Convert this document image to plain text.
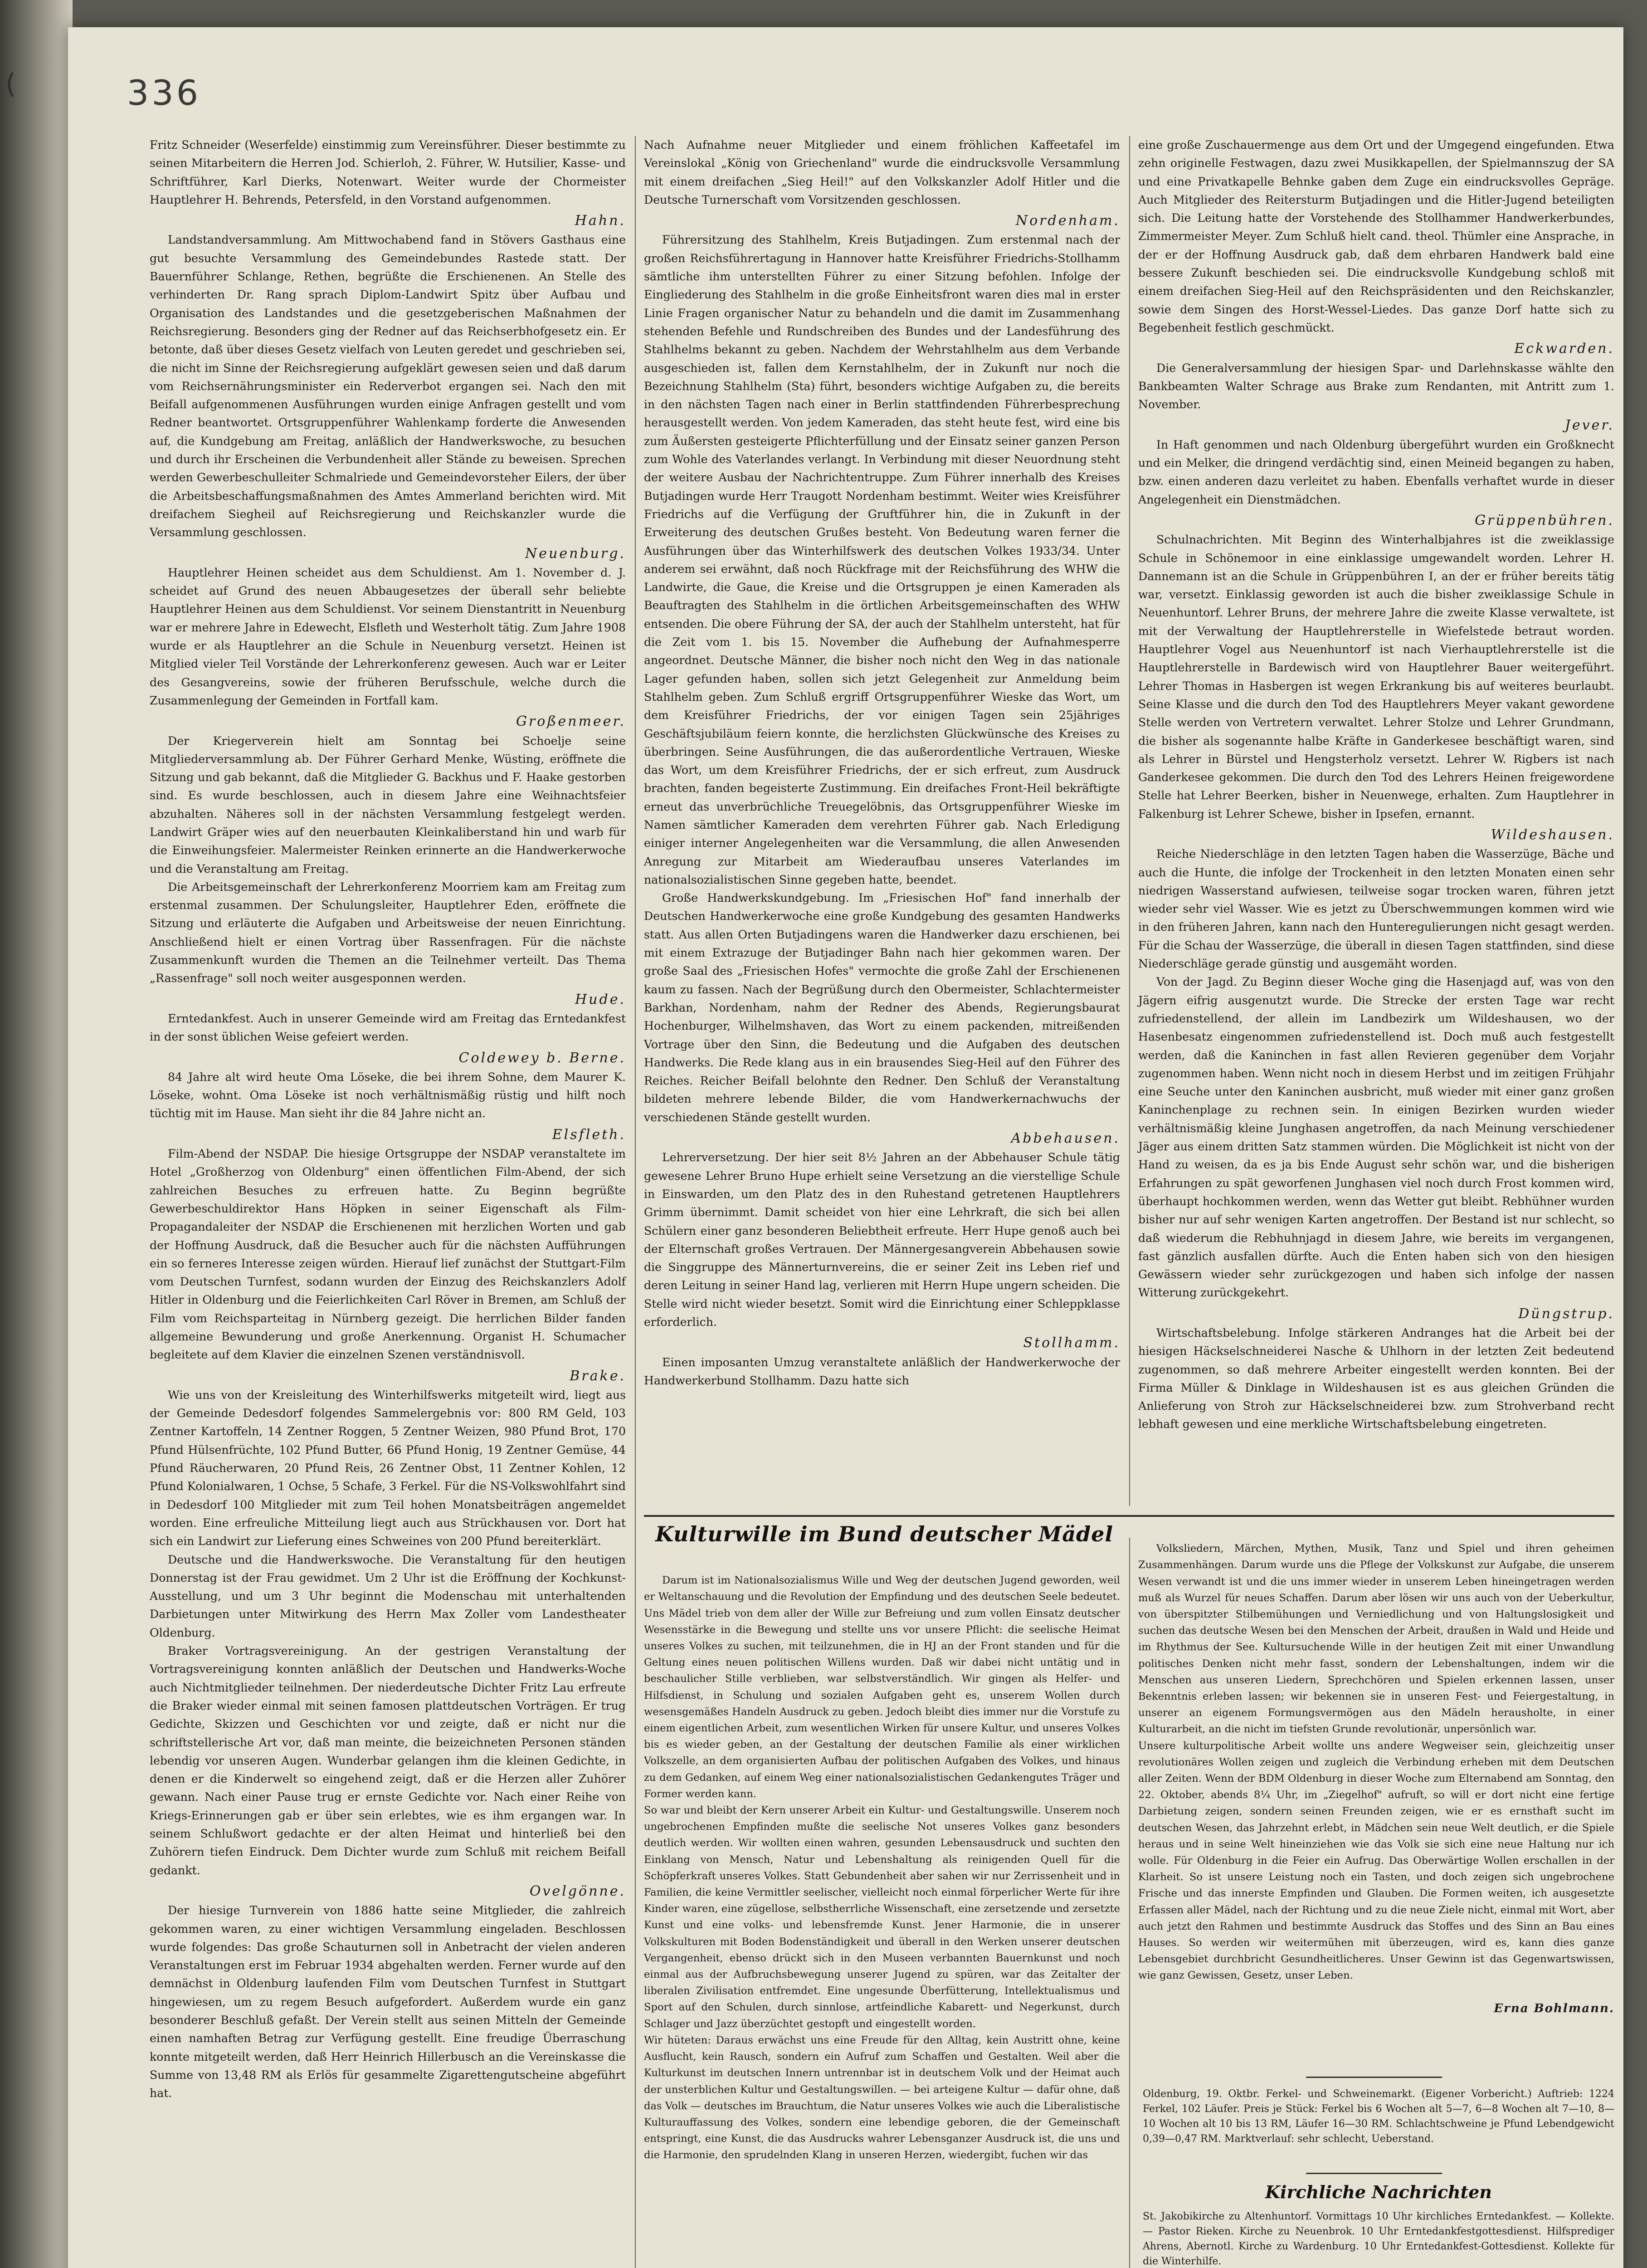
(	336

Fritz Schneider (Weserfelde) einstimmig zum Vereinsführer. Dieser bestimmte zu seinen Mitarbeitern die Herren Jod. Schierloh, 2. Führer, W. Hutsilier, Kasse- und Schriftführer, Karl Dierks, Notenwart. Weiter wurde der Chormeister Hauptlehrer H. Behrends, Petersfeld, in den Vorstand aufgenommen.

Hahn.

Landstandversammlung. Am Mittwochabend fand in Stövers Gasthaus eine gut besuchte Versammlung des Gemeindebundes Rastede statt. Der Bauernführer Schlange, Rethen, begrüßte die Erschienenen. An Stelle des verhinderten Dr. Rang sprach Diplom-Landwirt Spitz über Aufbau und Organisation des Landstandes und die gesetzgeberischen Maßnahmen der Reichsregierung. Besonders ging der Redner auf das Reichserbhofgesetz ein. Er betonte, daß über dieses Gesetz vielfach von Leuten geredet und geschrieben sei, die nicht im Sinne der Reichsregierung aufgeklärt gewesen seien und daß darum vom Reichsernährungsminister ein Rederverbot ergangen sei. Nach den mit Beifall aufgenommenen Ausführungen wurden einige Anfragen gestellt und vom Redner beantwortet. Ortsgruppenführer Wahlenkamp forderte die Anwesenden auf, die Kundgebung am Freitag, anläßlich der Handwerkswoche, zu besuchen und durch ihr Erscheinen die Verbundenheit aller Stände zu beweisen. Sprechen werden Gewerbeschulleiter Schmalriede und Gemeindevorsteher Eilers, der über die Arbeitsbeschaffungsmaßnahmen des Amtes Ammerland berichten wird. Mit dreifachem Siegheil auf Reichsregierung und Reichskanzler wurde die Versammlung geschlossen.

Neuenburg.

Hauptlehrer Heinen scheidet aus dem Schuldienst. Am 1. November d. J. scheidet auf Grund des neuen Abbaugesetzes der überall sehr beliebte Hauptlehrer Heinen aus dem Schuldienst. Vor seinem Dienstantritt in Neuenburg war er mehrere Jahre in Edewecht, Elsfleth und Westerholt tätig. Zum Jahre 1908 wurde er als Hauptlehrer an die Schule in Neuenburg versetzt. Heinen ist Mitglied vieler Teil Vorstände der Lehrerkonferenz gewesen. Auch war er Leiter des Gesangvereins, sowie der früheren Berufsschule, welche durch die Zusammenlegung der Gemeinden in Fortfall kam.

Großenmeer.

Der Kriegerverein hielt am Sonntag bei Schoelje seine Mitgliederversammlung ab. Der Führer Gerhard Menke, Wüsting, eröffnete die Sitzung und gab bekannt, daß die Mitglieder G. Backhus und F. Haake gestorben sind. Es wurde beschlossen, auch in diesem Jahre eine Weihnachtsfeier abzuhalten. Näheres soll in der nächsten Versammlung festgelegt werden. Landwirt Gräper wies auf den neuerbauten Kleinkaliberstand hin und warb für die Einweihungsfeier. Malermeister Reinken erinnerte an die Handwerkerwoche und die Veranstaltung am Freitag.

Die Arbeitsgemeinschaft der Lehrerkonferenz Moorriem kam am Freitag zum erstenmal zusammen. Der Schulungsleiter, Hauptlehrer Eden, eröffnete die Sitzung und erläuterte die Aufgaben und Arbeitsweise der neuen Einrichtung. Anschließend hielt er einen Vortrag über Rassenfragen. Für die nächste Zusammenkunft wurden die Themen an die Teilnehmer verteilt. Das Thema „Rassenfrage" soll noch weiter ausgesponnen werden.

Hude.

Erntedankfest. Auch in unserer Gemeinde wird am Freitag das Erntedankfest in der sonst üblichen Weise gefeiert werden.

Coldewey b. Berne.

84 Jahre alt wird heute Oma Löseke, die bei ihrem Sohne, dem Maurer K. Löseke, wohnt. Oma Löseke ist noch verhältnismäßig rüstig und hilft noch tüchtig mit im Hause. Man sieht ihr die 84 Jahre nicht an.

Elsfleth.

Film-Abend der NSDAP. Die hiesige Ortsgruppe der NSDAP veranstaltete im Hotel „Großherzog von Oldenburg" einen öffentlichen Film-Abend, der sich zahlreichen Besuches zu erfreuen hatte. Zu Beginn begrüßte Gewerbeschuldirektor Hans Höpken in seiner Eigenschaft als Film-Propagandaleiter der NSDAP die Erschienenen mit herzlichen Worten und gab der Hoffnung Ausdruck, daß die Besucher auch für die nächsten Aufführungen ein so ferneres Interesse zeigen würden. Hierauf lief zunächst der Stuttgart-Film vom Deutschen Turnfest, sodann wurden der Einzug des Reichskanzlers Adolf Hitler in Oldenburg und die Feierlichkeiten Carl Röver in Bremen, am Schluß der Film vom Reichsparteitag in Nürnberg gezeigt. Die herrlichen Bilder fanden allgemeine Bewunderung und große Anerkennung. Organist H. Schumacher begleitete auf dem Klavier die einzelnen Szenen verständnisvoll.

Brake.

Wie uns von der Kreisleitung des Winterhilfswerks mitgeteilt wird, liegt aus der Gemeinde Dedesdorf folgendes Sammelergebnis vor: 800 RM Geld, 103 Zentner Kartoffeln, 14 Zentner Roggen, 5 Zentner Weizen, 980 Pfund Brot, 170 Pfund Hülsenfrüchte, 102 Pfund Butter, 66 Pfund Honig, 19 Zentner Gemüse, 44 Pfund Räucherwaren, 20 Pfund Reis, 26 Zentner Obst, 11 Zentner Kohlen, 12 Pfund Kolonialwaren, 1 Ochse, 5 Schafe, 3 Ferkel. Für die NS-Volkswohlfahrt sind in Dedesdorf 100 Mitglieder mit zum Teil hohen Monatsbeiträgen angemeldet worden. Eine erfreuliche Mitteilung liegt auch aus Strückhausen vor. Dort hat sich ein Landwirt zur Lieferung eines Schweines von 200 Pfund bereiterklärt.

Deutsche und die Handwerkswoche. Die Veranstaltung für den heutigen Donnerstag ist der Frau gewidmet. Um 2 Uhr ist die Eröffnung der Kochkunst-Ausstellung, und um 3 Uhr beginnt die Modenschau mit unterhaltenden Darbietungen unter Mitwirkung des Herrn Max Zoller vom Landestheater Oldenburg.

Braker Vortragsvereinigung. An der gestrigen Veranstaltung der Vortragsvereinigung konnten anläßlich der Deutschen und Handwerks-Woche auch Nichtmitglieder teilnehmen. Der niederdeutsche Dichter Fritz Lau erfreute die Braker wieder einmal mit seinen famosen plattdeutschen Vorträgen. Er trug Gedichte, Skizzen und Geschichten vor und zeigte, daß er nicht nur die schriftstellerische Art vor, daß man meinte, die beizeichneten Personen ständen lebendig vor unseren Augen. Wunderbar gelangen ihm die kleinen Gedichte, in denen er die Kinderwelt so eingehend zeigt, daß er die Herzen aller Zuhörer gewann. Nach einer Pause trug er ernste Gedichte vor. Nach einer Reihe von Kriegs-Erinnerungen gab er über sein erlebtes, wie es ihm ergangen war. In seinem Schlußwort gedachte er der alten Heimat und hinterließ bei den Zuhörern tiefen Eindruck. Dem Dichter wurde zum Schluß mit reichem Beifall gedankt.

Ovelgönne.

Der hiesige Turnverein von 1886 hatte seine Mitglieder, die zahlreich gekommen waren, zu einer wichtigen Versammlung eingeladen. Beschlossen wurde folgendes: Das große Schauturnen soll in Anbetracht der vielen anderen Veranstaltungen erst im Februar 1934 abgehalten werden. Ferner wurde auf den demnächst in Oldenburg laufenden Film vom Deutschen Turnfest in Stuttgart hingewiesen, um zu regem Besuch aufgefordert. Außerdem wurde ein ganz besonderer Beschluß gefaßt. Der Verein stellt aus seinen Mitteln der Gemeinde einen namhaften Betrag zur Verfügung gestellt. Eine freudige Überraschung konnte mitgeteilt werden, daß Herr Heinrich Hillerbusch an die Vereinskasse die Summe von 13,48 RM als Erlös für gesammelte Zigarettengutscheine abgeführt hat.

Nach Aufnahme neuer Mitglieder und einem fröhlichen Kaffeetafel im Vereinslokal „König von Griechenland" wurde die eindrucksvolle Versammlung mit einem dreifachen „Sieg Heil!" auf den Volkskanzler Adolf Hitler und die Deutsche Turnerschaft vom Vorsitzenden geschlossen.

Nordenham.

Führersitzung des Stahlhelm, Kreis Butjadingen. Zum erstenmal nach der großen Reichsführertagung in Hannover hatte Kreisführer Friedrichs-Stollhamm sämtliche ihm unterstellten Führer zu einer Sitzung befohlen. Infolge der Eingliederung des Stahlhelm in die große Einheitsfront waren dies mal in erster Linie Fragen organischer Natur zu behandeln und die damit im Zusammenhang stehenden Befehle und Rundschreiben des Bundes und der Landesführung des Stahlhelms bekannt zu geben. Nachdem der Wehrstahlhelm aus dem Verbande ausgeschieden ist, fallen dem Kernstahlhelm, der in Zukunft nur noch die Bezeichnung Stahlhelm (Sta) führt, besonders wichtige Aufgaben zu, die bereits in den nächsten Tagen nach einer in Berlin stattfindenden Führerbesprechung herausgestellt werden. Von jedem Kameraden, das steht heute fest, wird eine bis zum Äußersten gesteigerte Pflichterfüllung und der Einsatz seiner ganzen Person zum Wohle des Vaterlandes verlangt. In Verbindung mit dieser Neuordnung steht der weitere Ausbau der Nachrichtentruppe. Zum Führer innerhalb des Kreises Butjadingen wurde Herr Traugott Nordenham bestimmt. Weiter wies Kreisführer Friedrichs auf die Verfügung der Gruftführer hin, die in Zukunft in der Erweiterung des deutschen Grußes besteht. Von Bedeutung waren ferner die Ausführungen über das Winterhilfswerk des deutschen Volkes 1933/34. Unter anderem sei erwähnt, daß noch Rückfrage mit der Reichsführung des WHW die Landwirte, die Gaue, die Kreise und die Ortsgruppen je einen Kameraden als Beauftragten des Stahlhelm in die örtlichen Arbeitsgemeinschaften des WHW entsenden. Die obere Führung der SA, der auch der Stahlhelm untersteht, hat für die Zeit vom 1. bis 15. November die Aufhebung der Aufnahmesperre angeordnet. Deutsche Männer, die bisher noch nicht den Weg in das nationale Lager gefunden haben, sollen sich jetzt Gelegenheit zur Anmeldung beim Stahlhelm geben. Zum Schluß ergriff Ortsgruppenführer Wieske das Wort, um dem Kreisführer Friedrichs, der vor einigen Tagen sein 25jähriges Geschäftsjubiläum feiern konnte, die herzlichsten Glückwünsche des Kreises zu überbringen. Seine Ausführungen, die das außerordentliche Vertrauen, Wieske das Wort, um dem Kreisführer Friedrichs, der er sich erfreut, zum Ausdruck brachten, fanden begeisterte Zustimmung. Ein dreifaches Front-Heil bekräftigte erneut das unverbrüchliche Treuegelöbnis, das Ortsgruppenführer Wieske im Namen sämtlicher Kameraden dem verehrten Führer gab. Nach Erledigung einiger interner Angelegenheiten war die Versammlung, die allen Anwesenden Anregung zur Mitarbeit am Wiederaufbau unseres Vaterlandes im nationalsozialistischen Sinne gegeben hatte, beendet.

Große Handwerkskundgebung. Im „Friesischen Hof" fand innerhalb der Deutschen Handwerkerwoche eine große Kundgebung des gesamten Handwerks statt. Aus allen Orten Butjadingens waren die Handwerker dazu erschienen, bei mit einem Extrazuge der Butjadinger Bahn nach hier gekommen waren. Der große Saal des „Friesischen Hofes" vermochte die große Zahl der Erschienenen kaum zu fassen. Nach der Begrüßung durch den Obermeister, Schlachtermeister Barkhan, Nordenham, nahm der Redner des Abends, Regierungsbaurat Hochenburger, Wilhelmshaven, das Wort zu einem packenden, mitreißenden Vortrage über den Sinn, die Bedeutung und die Aufgaben des deutschen Handwerks. Die Rede klang aus in ein brausendes Sieg-Heil auf den Führer des Reiches. Reicher Beifall belohnte den Redner. Den Schluß der Veranstaltung bildeten mehrere lebende Bilder, die vom Handwerkernachwuchs der verschiedenen Stände gestellt wurden.

Abbehausen.

Lehrerversetzung. Der hier seit 8½ Jahren an der Abbehauser Schule tätig gewesene Lehrer Bruno Hupe erhielt seine Versetzung an die vierstellige Schule in Einswarden, um den Platz des in den Ruhestand getretenen Hauptlehrers Grimm übernimmt. Damit scheidet von hier eine Lehrkraft, die sich bei allen Schülern einer ganz besonderen Beliebtheit erfreute. Herr Hupe genoß auch bei der Elternschaft großes Vertrauen. Der Männergesangverein Abbehausen sowie die Singgruppe des Männerturnvereins, die er seiner Zeit ins Leben rief und deren Leitung in seiner Hand lag, verlieren mit Herrn Hupe ungern scheiden. Die Stelle wird nicht wieder besetzt. Somit wird die Einrichtung einer Schleppklasse erforderlich.

Stollhamm.

Einen imposanten Umzug veranstaltete anläßlich der Handwerkerwoche der Handwerkerbund Stollhamm. Dazu hatte sich

eine große Zuschauermenge aus dem Ort und der Umgegend eingefunden. Etwa zehn originelle Festwagen, dazu zwei Musikkapellen, der Spielmannszug der SA und eine Privatkapelle Behnke gaben dem Zuge ein eindrucksvolles Gepräge. Auch Mitglieder des Reitersturm Butjadingen und die Hitler-Jugend beteiligten sich. Die Leitung hatte der Vorstehende des Stollhammer Handwerkerbundes, Zimmermeister Meyer. Zum Schluß hielt cand. theol. Thümler eine Ansprache, in der er der Hoffnung Ausdruck gab, daß dem ehrbaren Handwerk bald eine bessere Zukunft beschieden sei. Die eindrucksvolle Kundgebung schloß mit einem dreifachen Sieg-Heil auf den Reichspräsidenten und den Reichskanzler, sowie dem Singen des Horst-Wessel-Liedes. Das ganze Dorf hatte sich zu Begebenheit festlich geschmückt.

Eckwarden.

Die Generalversammlung der hiesigen Spar- und Darlehnskasse wählte den Bankbeamten Walter Schrage aus Brake zum Rendanten, mit Antritt zum 1. November.

Jever.

In Haft genommen und nach Oldenburg übergeführt wurden ein Großknecht und ein Melker, die dringend verdächtig sind, einen Meineid begangen zu haben, bzw. einen anderen dazu verleitet zu haben. Ebenfalls verhaftet wurde in dieser Angelegenheit ein Dienstmädchen.

Grüppenbühren.

Schulnachrichten. Mit Beginn des Winterhalbjahres ist die zweiklassige Schule in Schönemoor in eine einklassige umgewandelt worden. Lehrer H. Dannemann ist an die Schule in Grüppenbühren I, an der er früher bereits tätig war, versetzt. Einklassig geworden ist auch die bisher zweiklassige Schule in Neuenhuntorf. Lehrer Bruns, der mehrere Jahre die zweite Klasse verwaltete, ist mit der Verwaltung der Hauptlehrerstelle in Wiefelstede betraut worden. Hauptlehrer Vogel aus Neuenhuntorf ist nach Vierhauptlehrerstelle ist die Hauptlehrerstelle in Bardewisch wird von Hauptlehrer Bauer weitergeführt. Lehrer Thomas in Hasbergen ist wegen Erkrankung bis auf weiteres beurlaubt. Seine Klasse und die durch den Tod des Hauptlehrers Meyer vakant gewordene Stelle werden von Vertretern verwaltet. Lehrer Stolze und Lehrer Grundmann, die bisher als sogenannte halbe Kräfte in Ganderkesee beschäftigt waren, sind als Lehrer in Bürstel und Hengsterholz versetzt. Lehrer W. Rigbers ist nach Ganderkesee gekommen. Die durch den Tod des Lehrers Heinen freigewordene Stelle hat Lehrer Beerken, bisher in Neuenwege, erhalten. Zum Hauptlehrer in Falkenburg ist Lehrer Schewe, bisher in Ipsefen, ernannt.

Wildeshausen.

Reiche Niederschläge in den letzten Tagen haben die Wasserzüge, Bäche und auch die Hunte, die infolge der Trockenheit in den letzten Monaten einen sehr niedrigen Wasserstand aufwiesen, teilweise sogar trocken waren, führen jetzt wieder sehr viel Wasser. Wie es jetzt zu Überschwemmungen kommen wird wie in den früheren Jahren, kann nach den Hunteregulierungen nicht gesagt werden. Für die Schau der Wasserzüge, die überall in diesen Tagen stattfinden, sind diese Niederschläge gerade günstig und ausgemäht worden.

Von der Jagd. Zu Beginn dieser Woche ging die Hasenjagd auf, was von den Jägern eifrig ausgenutzt wurde. Die Strecke der ersten Tage war recht zufriedenstellend, der allein im Landbezirk um Wildeshausen, wo der Hasenbesatz eingenommen zufriedenstellend ist. Doch muß auch festgestellt werden, daß die Kaninchen in fast allen Revieren gegenüber dem Vorjahr zugenommen haben. Wenn nicht noch in diesem Herbst und im zeitigen Frühjahr eine Seuche unter den Kaninchen ausbricht, muß wieder mit einer ganz großen Kaninchenplage zu rechnen sein. In einigen Bezirken wurden wieder verhältnismäßig kleine Junghasen angetroffen, da nach Meinung verschiedener Jäger aus einem dritten Satz stammen würden. Die Möglichkeit ist nicht von der Hand zu weisen, da es ja bis Ende August sehr schön war, und die bisherigen Erfahrungen zu spät geworfenen Junghasen viel noch durch Frost kommen wird, überhaupt hochkommen werden, wenn das Wetter gut bleibt. Rebhühner wurden bisher nur auf sehr wenigen Karten angetroffen. Der Bestand ist nur schlecht, so daß wiederum die Rebhuhnjagd in diesem Jahre, wie bereits im vergangenen, fast gänzlich ausfallen dürfte. Auch die Enten haben sich von den hiesigen Gewässern wieder sehr zurückgezogen und haben sich infolge der nassen Witterung zurückgekehrt.

Düngstrup.

Wirtschaftsbelebung. Infolge stärkeren Andranges hat die Arbeit bei der hiesigen Häckselschneiderei Nasche & Uhlhorn in der letzten Zeit bedeutend zugenommen, so daß mehrere Arbeiter eingestellt werden konnten. Bei der Firma Müller & Dinklage in Wildeshausen ist es aus gleichen Gründen die Anlieferung von Stroh zur Häckselschneiderei bzw. zum Strohverband recht lebhaft gewesen und eine merkliche Wirtschaftsbelebung eingetreten.

Kulturwille im Bund deutscher Mädel

Darum ist im Nationalsozialismus Wille und Weg der deutschen Jugend geworden, weil er Weltanschauung und die Revolution der Empfindung und des deutschen Seele bedeutet. Uns Mädel trieb von dem aller der Wille zur Befreiung und zum vollen Einsatz deutscher Wesensstärke in die Bewegung und stellte uns vor unsere Pflicht: die seelische Heimat unseres Volkes zu suchen, mit teilzunehmen, die in HJ an der Front standen und für die Geltung eines neuen politischen Willens wurden. Daß wir dabei nicht untätig und in beschaulicher Stille verblieben, war selbstverständlich. Wir gingen als Helfer- und Hilfsdienst, in Schulung und sozialen Aufgaben geht es, unserem Wollen durch wesensgemäßes Handeln Ausdruck zu geben. Jedoch bleibt dies immer nur die Vorstufe zu einem eigentlichen Arbeit, zum wesentlichen Wirken für unsere Kultur, und unseres Volkes bis es wieder geben, an der Gestaltung der deutschen Familie als einer wirklichen Volkszelle, an dem organisierten Aufbau der politischen Aufgaben des Volkes, und hinaus zu dem Gedanken, auf einem Weg einer nationalsozialistischen Gedankengutes Träger und Former werden kann.
So war und bleibt der Kern unserer Arbeit ein Kultur- und Gestaltungswille. Unserem noch ungebrochenen Empfinden mußte die seelische Not unseres Volkes ganz besonders deutlich werden. Wir wollten einen wahren, gesunden Lebensausdruck und suchten den Einklang von Mensch, Natur und Lebenshaltung als reinigenden Quell für die Schöpferkraft unseres Volkes. Statt Gebundenheit aber sahen wir nur Zerrissenheit und in Familien, die keine Vermittler seelischer, vielleicht noch einmal förperlicher Werte für ihre Kinder waren, eine zügellose, selbstherrliche Wissenschaft, eine zersetzende und zersetzte Kunst und eine volks- und lebensfremde Kunst. Jener Harmonie, die in unserer Volkskulturen mit Boden Bodenständigkeit und überall in den Werken unserer deutschen Vergangenheit, ebenso drückt sich in den Museen verbannten Bauernkunst und noch einmal aus der Aufbruchsbewegung unserer Jugend zu spüren, war das Zeitalter der liberalen Zivilisation entfremdet. Eine ungesunde Überfütterung, Intellektualismus und Sport auf den Schulen, durch sinnlose, artfeindliche Kabarett- und Negerkunst, durch Schlager und Jazz überzüchtet gestopft und eingestellt worden.
Wir hüteten: Daraus erwächst uns eine Freude für den Alltag, kein Austritt ohne, keine Ausflucht, kein Rausch, sondern ein Aufruf zum Schaffen und Gestalten. Weil aber die Kulturkunst im deutschen Innern untrennbar ist in deutschem Volk und der Heimat auch der unsterblichen Kultur und Gestaltungswillen. — bei arteigene Kultur — dafür ohne, daß das Volk — deutsches im Brauchtum, die Natur unseres Volkes wie auch die Liberalistische Kulturauffassung des Volkes, sondern eine lebendige geboren, die der Gemeinschaft entspringt, eine Kunst, die das Ausdrucks wahrer Lebensganzer Ausdruck ist, die uns und die Harmonie, den sprudelnden Klang in unseren Herzen, wiedergibt, fuchen wir das

Volksliedern, Märchen, Mythen, Musik, Tanz und Spiel und ihren geheimen Zusammenhängen. Darum wurde uns die Pflege der Volkskunst zur Aufgabe, die unserem Wesen verwandt ist und die uns immer wieder in unserem Leben hineingetragen werden muß als Wurzel für neues Schaffen. Darum aber lösen wir uns auch von der Ueberkultur, von überspitzter Stilbemühungen und Verniedlichung und von Haltungslosigkeit und suchen das deutsche Wesen bei den Menschen der Arbeit, draußen in Wald und Heide und im Rhythmus der See. Kultursuchende Wille in der heutigen Zeit mit einer Unwandlung politisches Denken nicht mehr fasst, sondern der Lebenshaltungen, indem wir die Menschen aus unseren Liedern, Sprechchören und Spielen erkennen lassen, unser Bekenntnis erleben lassen; wir bekennen sie in unseren Fest- und Feiergestaltung, in unserer an eigenem Formungsvermögen aus den Mädeln herausholte, in einer Kulturarbeit, an die nicht im tiefsten Grunde revolutionär, unpersönlich war.
Unsere kulturpolitische Arbeit wollte uns andere Wegweiser sein, gleichzeitig unser revolutionäres Wollen zeigen und zugleich die Verbindung erheben mit dem Deutschen aller Zeiten. Wenn der BDM Oldenburg in dieser Woche zum Elternabend am Sonntag, den 22. Oktober, abends 8¼ Uhr, im „Ziegelhof" aufruft, so will er dort nicht eine fertige Darbietung zeigen, sondern seinen Freunden zeigen, wie er es ernsthaft sucht im deutschen Wesen, das Jahrzehnt erlebt, in Mädchen sein neue Welt deutlich, er die Spiele heraus und in seine Welt hineinziehen wie das Volk sie sich eine neue Haltung nur ich wolle. Für Oldenburg in die Feier ein Aufrug. Das Oberwärtige Wollen erschallen in der Klarheit. So ist unsere Leistung noch ein Tasten, und doch zeigen sich ungebrochene Frische und das innerste Empfinden und Glauben. Die Formen weiten, ich ausgesetzte Erfassen aller Mädel, nach der Richtung und zu die neue Ziele nicht, einmal mit Wort, aber auch jetzt den Rahmen und bestimmte Ausdruck das Stoffes und des Sinn an Bau eines Hauses. So werden wir weitermühen mit überzeugen, wird es, kann dies ganze Lebensgebiet durchbricht Gesundheitlicheres. Unser Gewinn ist das Gegenwartswissen, wie ganz Gewissen, Gesetz, unser Leben.

Erna Bohlmann.

Oldenburg, 19. Oktbr. Ferkel- und Schweinemarkt. (Eigener Vorbericht.) Auftrieb: 1224 Ferkel, 102 Läufer. Preis je Stück: Ferkel bis 6 Wochen alt 5—7, 6—8 Wochen alt 7—10, 8—10 Wochen alt 10 bis 13 RM, Läufer 16—30 RM. Schlachtschweine je Pfund Lebendgewicht 0,39—0,47 RM. Marktverlauf: sehr schlecht, Ueberstand.
Kirchliche Nachrichten
St. Jakobikirche zu Altenhuntorf. Vormittags 10 Uhr kirchliches Erntedankfest. — Kollekte. — Pastor Rieken. Kirche zu Neuenbrok. 10 Uhr Erntedankfestgottesdienst. Hilfsprediger Ahrens, Abernotl. Kirche zu Wardenburg. 10 Uhr Erntedankfest-Gottesdienst. Kollekte für die Winterhilfe.
